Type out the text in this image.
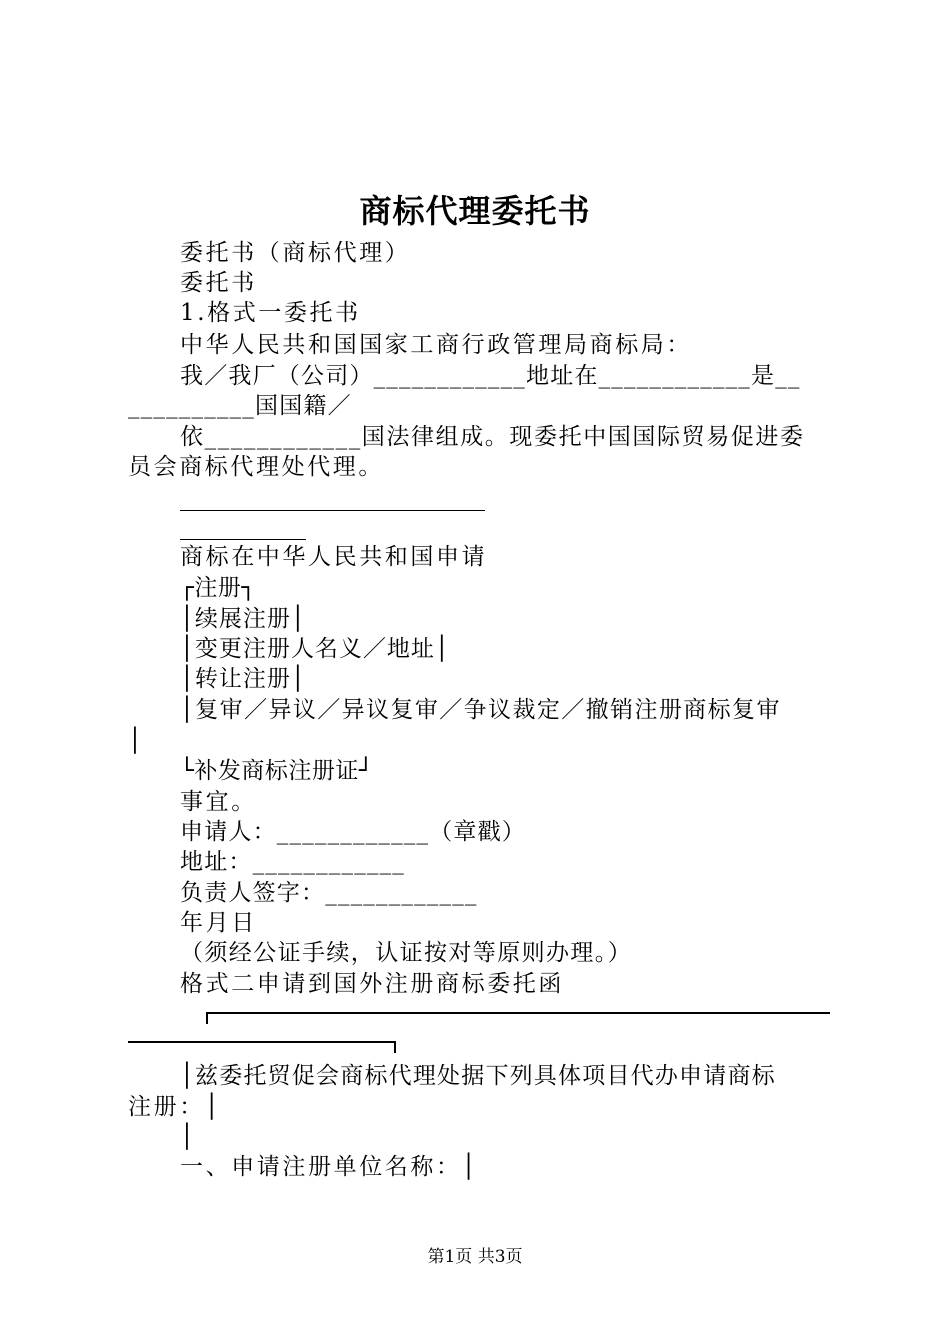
商标代理委托书
委托书（商标代理）
委托书
1.格式一委托书
中华人民共和国国家工商行政管理局商标局：
我／我厂（公司）____________地址在____________是__
__________国国籍／
依____________国法律组成。现委托中国国际贸易促进委
员会商标代理处代理。
商标在中华人民共和国申请
┌注册┐
│续展注册│
│变更注册人名义／地址│
│转让注册│
│复审／异议／异议复审／争议裁定／撤销注册商标复审
│
└补发商标注册证┘
事宜。
申请人：____________（章戳）
地址：____________
负责人签字：____________
年月日
（须经公证手续，认证按对等原则办理。）
格式二申请到国外注册商标委托函
│兹委托贸促会商标代理处据下列具体项目代办申请商标
注册：│
│
一、申请注册单位名称：│
第1页 共3页
